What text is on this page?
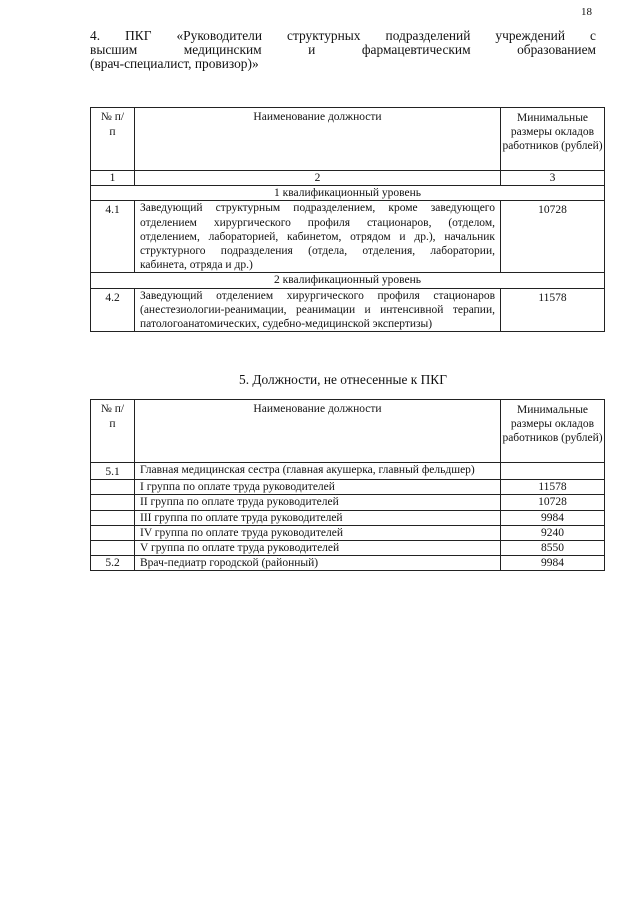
18
4. ПКГ «Руководители структурных подразделений учреждений с
высшим медицинским и фармацевтическим образованием
(врач-специалист, провизор)»
№ п/п	Наименование должности	Минимальные размеры окладов работников (рублей)
1	2	3
1 квалификационный уровень		
4.1	Заведующий структурным подразделением, кроме заведующего отделением хирургического профиля стационаров, (отделом, отделением, лабораторией, кабинетом, отрядом и др.), начальник структурного подразделения (отдела, отделения, лаборатории, кабинета, отряда и др.)	10728
2 квалификационный уровень		
4.2	Заведующий отделением хирургического профиля стационаров (анестезиологии-реанимации, реанимации и интенсивной терапии, патологоанатомических, судебно-медицинской экспертизы)	11578
5. Должности, не отнесенные к ПКГ
№ п/п	Наименование должности	Минимальные размеры окладов работников (рублей)
5.1	Главная медицинская сестра (главная акушерка, главный фельдшер)	
	I группа по оплате труда руководителей	11578
	II группа по оплате труда руководителей	10728
	III группа по оплате труда руководителей	9984
	IV группа по оплате труда руководителей	9240
	V группа по оплате труда руководителей	8550
5.2	Врач-педиатр городской (районный)	9984
